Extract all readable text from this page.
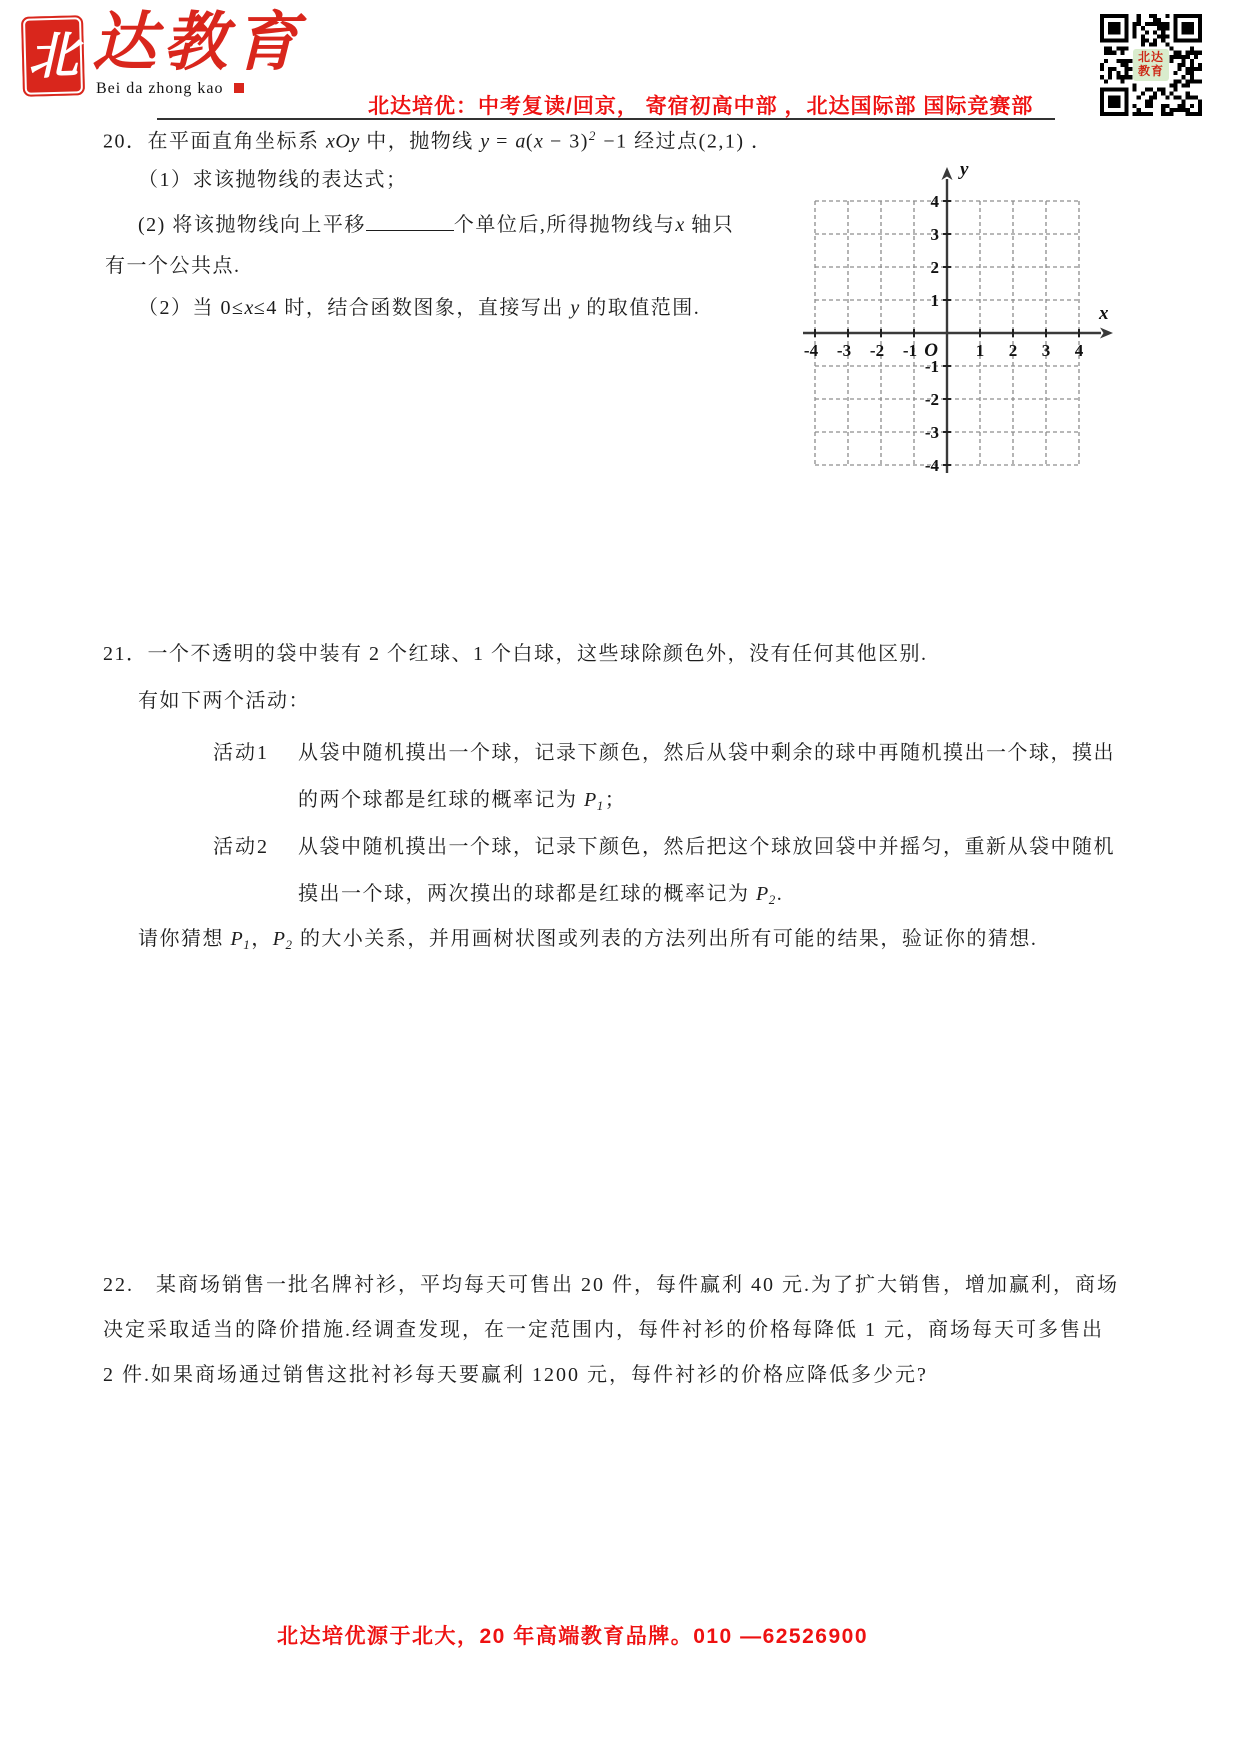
北 达教育
Bei da zhong kao
北达培优：中考复读/回京， 寄宿初高中部 ，北达国际部 国际竞赛部
北达
教育
20．在平面直角坐标系 xOy 中，抛物线 $y = a(x - 3)^2 -1$ 经过点(2,1) ．
（1）求该抛物线的表达式；
(2) 将该抛物线向上平移	个单位后,所得抛物线与x 轴只
有一个公共点.
（2）当 0≤x≤4 时，结合函数图象，直接写出 y 的取值范围.
-4 -3 -2 -1	1 2 3 4
4
3
2
1
-1
-2
-3
-4
O
x
y
21．一个不透明的袋中装有 2 个红球、1 个白球，这些球除颜色外，没有任何其他区别.
有如下两个活动：
活动1 从袋中随机摸出一个球，记录下颜色，然后从袋中剩余的球中再随机摸出一个球，摸出
的两个球都是红球的概率记为 $P_1$；
活动2 从袋中随机摸出一个球，记录下颜色，然后把这个球放回袋中并摇匀，重新从袋中随机
摸出一个球，两次摸出的球都是红球的概率记为 $P_2$.
请你猜想 $P_1$，$P_2$ 的大小关系，并用画树状图或列表的方法列出所有可能的结果，验证你的猜想.
22.　某商场销售一批名牌衬衫，平均每天可售出 20 件，每件赢利 40 元.为了扩大销售，增加赢利，商场
决定采取适当的降价措施.经调查发现，在一定范围内，每件衬衫的价格每降低 1 元，商场每天可多售出
2 件.如果商场通过销售这批衬衫每天要赢利 1200 元，每件衬衫的价格应降低多少元?
北达培优源于北大，20 年高端教育品牌。010 —62526900
